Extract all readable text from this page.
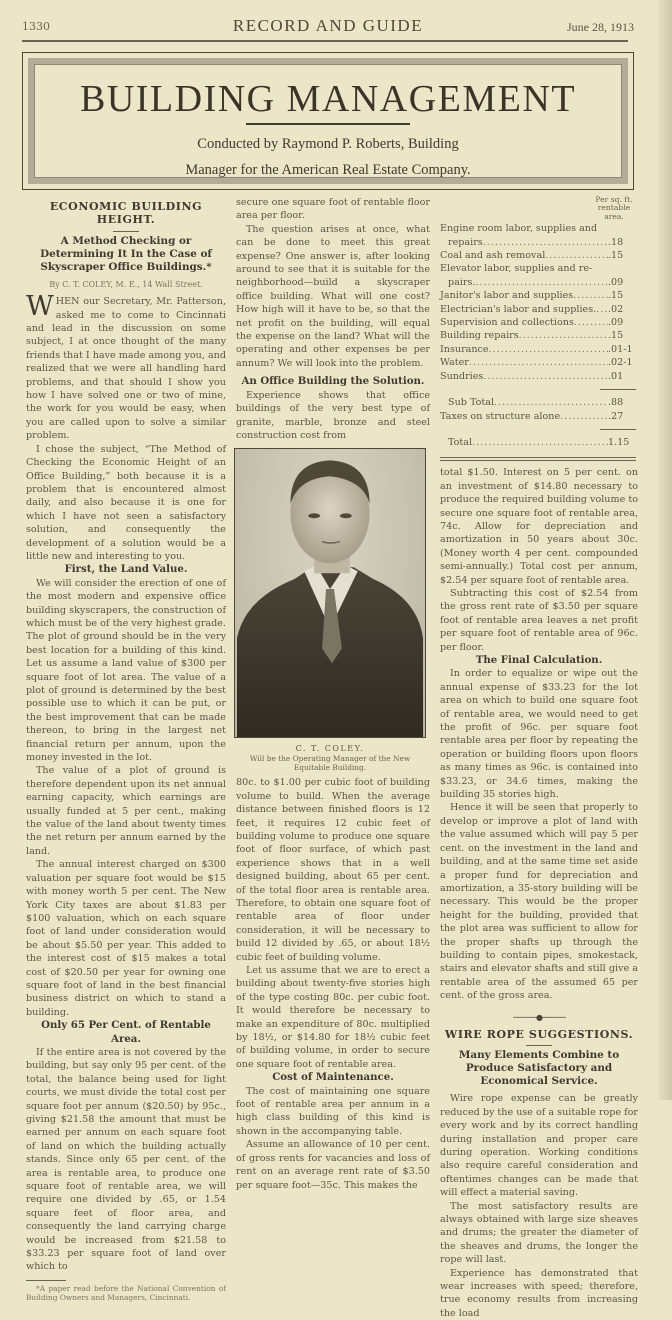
1330	RECORD AND GUIDE	June 28, 1913
BUILDING MANAGEMENT
Conducted by Raymond P. Roberts, Building
Manager for the American Real Estate Company.
ECONOMIC BUILDING HEIGHT.
A Method Checking or Determining It In the Case of Skyscraper Office Buildings.*
By C. T. COLEY, M. E., 14 Wall Street.

WHEN our Secretary, Mr. Patterson, asked me to come to Cincinnati and lead in the discussion on some subject, I at once thought of the many friends that I have made among you, and realized that we were all handling hard problems, and that should I show you how I have solved one or two of mine, the work for you would be easy, when you are called upon to solve a similar problem.

I chose the subject, “The Method of Checking the Economic Height of an Office Building,” both because it is a problem that is encountered almost daily, and also because it is one for which I have not seen a satisfactory solution, and consequently the development of a solution would be a little new and interesting to you.

First, the Land Value.

We will consider the erection of one of the most modern and expensive office building skyscrapers, the construction of which must be of the very highest grade. The plot of ground should be in the very best location for a building of this kind. Let us assume a land value of $300 per square foot of lot area. The value of a plot of ground is determined by the best possible use to which it can be put, or the best improvement that can be made thereon, to bring in the largest net financial return per annum, upon the money invested in the lot.

The value of a plot of ground is therefore dependent upon its net annual earning capacity, which earnings are usually funded at 5 per cent., making the value of the land about twenty times the net return per annum earned by the land.

The annual interest charged on $300 valuation per square foot would be $15 with money worth 5 per cent. The New York City taxes are about $1.83 per $100 valuation, which on each square foot of land under consideration would be about $5.50 per year. This added to the interest cost of $15 makes a total cost of $20.50 per year for owning one square foot of land in the best financial business district on which to stand a building.

Only 65 Per Cent. of Rentable Area.

If the entire area is not covered by the building, but say only 95 per cent. of the total, the balance being used for light courts, we must divide the total cost per square foot per annum ($20.50) by 95c., giving $21.58 the amount that must be earned per annum on each square foot of land on which the building actually stands. Since only 65 per cent. of the area is rentable area, to produce one square foot of rentable area, we will require one divided by .65, or 1.54 square feet of floor area, and consequently the land carrying charge would be increased from $21.58 to $33.23 per square foot of land over which to

*A paper read before the National Convention of Building Owners and Managers, Cincinnati.

secure one square foot of rentable floor area per floor.

The question arises at once, what can be done to meet this great expense? One answer is, after looking around to see that it is suitable for the neighborhood—build a skyscraper office building. What will one cost? How high will it have to be, so that the net profit on the building, will equal the expense on the land? What will the operating and other expenses be per annum? We will look into the problem.

An Office Building the Solution.

Experience shows that office buildings of the very best type of granite, marble, bronze and steel construction cost from

C. T. COLEY.
Will be the Operating Manager of the New Equitable Building.

80c. to $1.00 per cubic foot of building volume to build. When the average distance between finished floors is 12 feet, it requires 12 cubic feet of building volume to produce one square foot of floor surface, of which past experience shows that in a well designed building, about 65 per cent. of the total floor area is rentable area. Therefore, to obtain one square foot of rentable area of floor under consideration, it will be necessary to build 12 divided by .65, or about 18½ cubic feet of building volume.

Let us assume that we are to erect a building about twenty-five stories high of the type costing 80c. per cubic foot. It would therefore be necessary to make an expenditure of 80c. multiplied by 18½, or $14.80 for 18½ cubic feet of building volume, in order to secure one square foot of rentable area.

Cost of Maintenance.

The cost of maintaining one square foot of rentable area per annum in a high class building of this kind is shown in the accompanying table.

Assume an allowance of 10 per cent. of gross rents for vacancies and loss of rent on an average rent rate of $3.50 per square foot—35c. This makes the

Per sq. ft. rentable area.
Engine room labor, supplies and
repairs .....	.18
Coal and ash removal .....	.15
Elevator labor, supplies and re-
pairs. .....	.09
Janitor's labor and supplies .....	.15
Electrician's labor and supplies. ..... .02
Supervision and collections .....	.09
Building repairs .....	.15
Insurance .....	.01-1
Water .....	.02-1
Sundries .....	.01
Sub Total .....	.88
Taxes on structure alone .....	.27
Total .....	1.15

total $1.50. Interest on 5 per cent. on an investment of $14.80 necessary to produce the required building volume to secure one square foot of rentable area, 74c. Allow for depreciation and amortization in 50 years about 30c. (Money worth 4 per cent. compounded semi-annually.) Total cost per annum, $2.54 per square foot of rentable area.

Subtracting this cost of $2.54 from the gross rent rate of $3.50 per square foot of rentable area leaves a net profit per square foot of rentable area of 96c. per floor.

The Final Calculation.

In order to equalize or wipe out the annual expense of $33.23 for the lot area on which to build one square foot of rentable area, we would need to get the profit of 96c. per square foot rentable area per floor by repeating the operation or building floors upon floors as many times as 96c. is contained into $33.23, or 34.6 times, making the building 35 stories high.

Hence it will be seen that properly to develop or improve a plot of land with the value assumed which will pay 5 per cent. on the investment in the land and building, and at the same time set aside a proper fund for depreciation and amortization, a 35-story building will be necessary. This would be the proper height for the building, provided that the plot area was sufficient to allow for the proper shafts up through the building to contain pipes, smokestack, stairs and elevator shafts and still give a rentable area of the assumed 65 per cent. of the gross area.

──────●──────
WIRE ROPE SUGGESTIONS.
Many Elements Combine to Produce Satisfactory and Economical Service.

Wire rope expense can be greatly reduced by the use of a suitable rope for every work and by its correct handling during installation and proper care during operation. Working conditions also require careful consideration and oftentimes changes can be made that will effect a material saving.

The most satisfactory results are always obtained with large size sheaves and drums; the greater the diameter of the sheaves and drums, the longer the rope will last.

Experience has demonstrated that wear increases with speed; therefore, true economy results from increasing the load
